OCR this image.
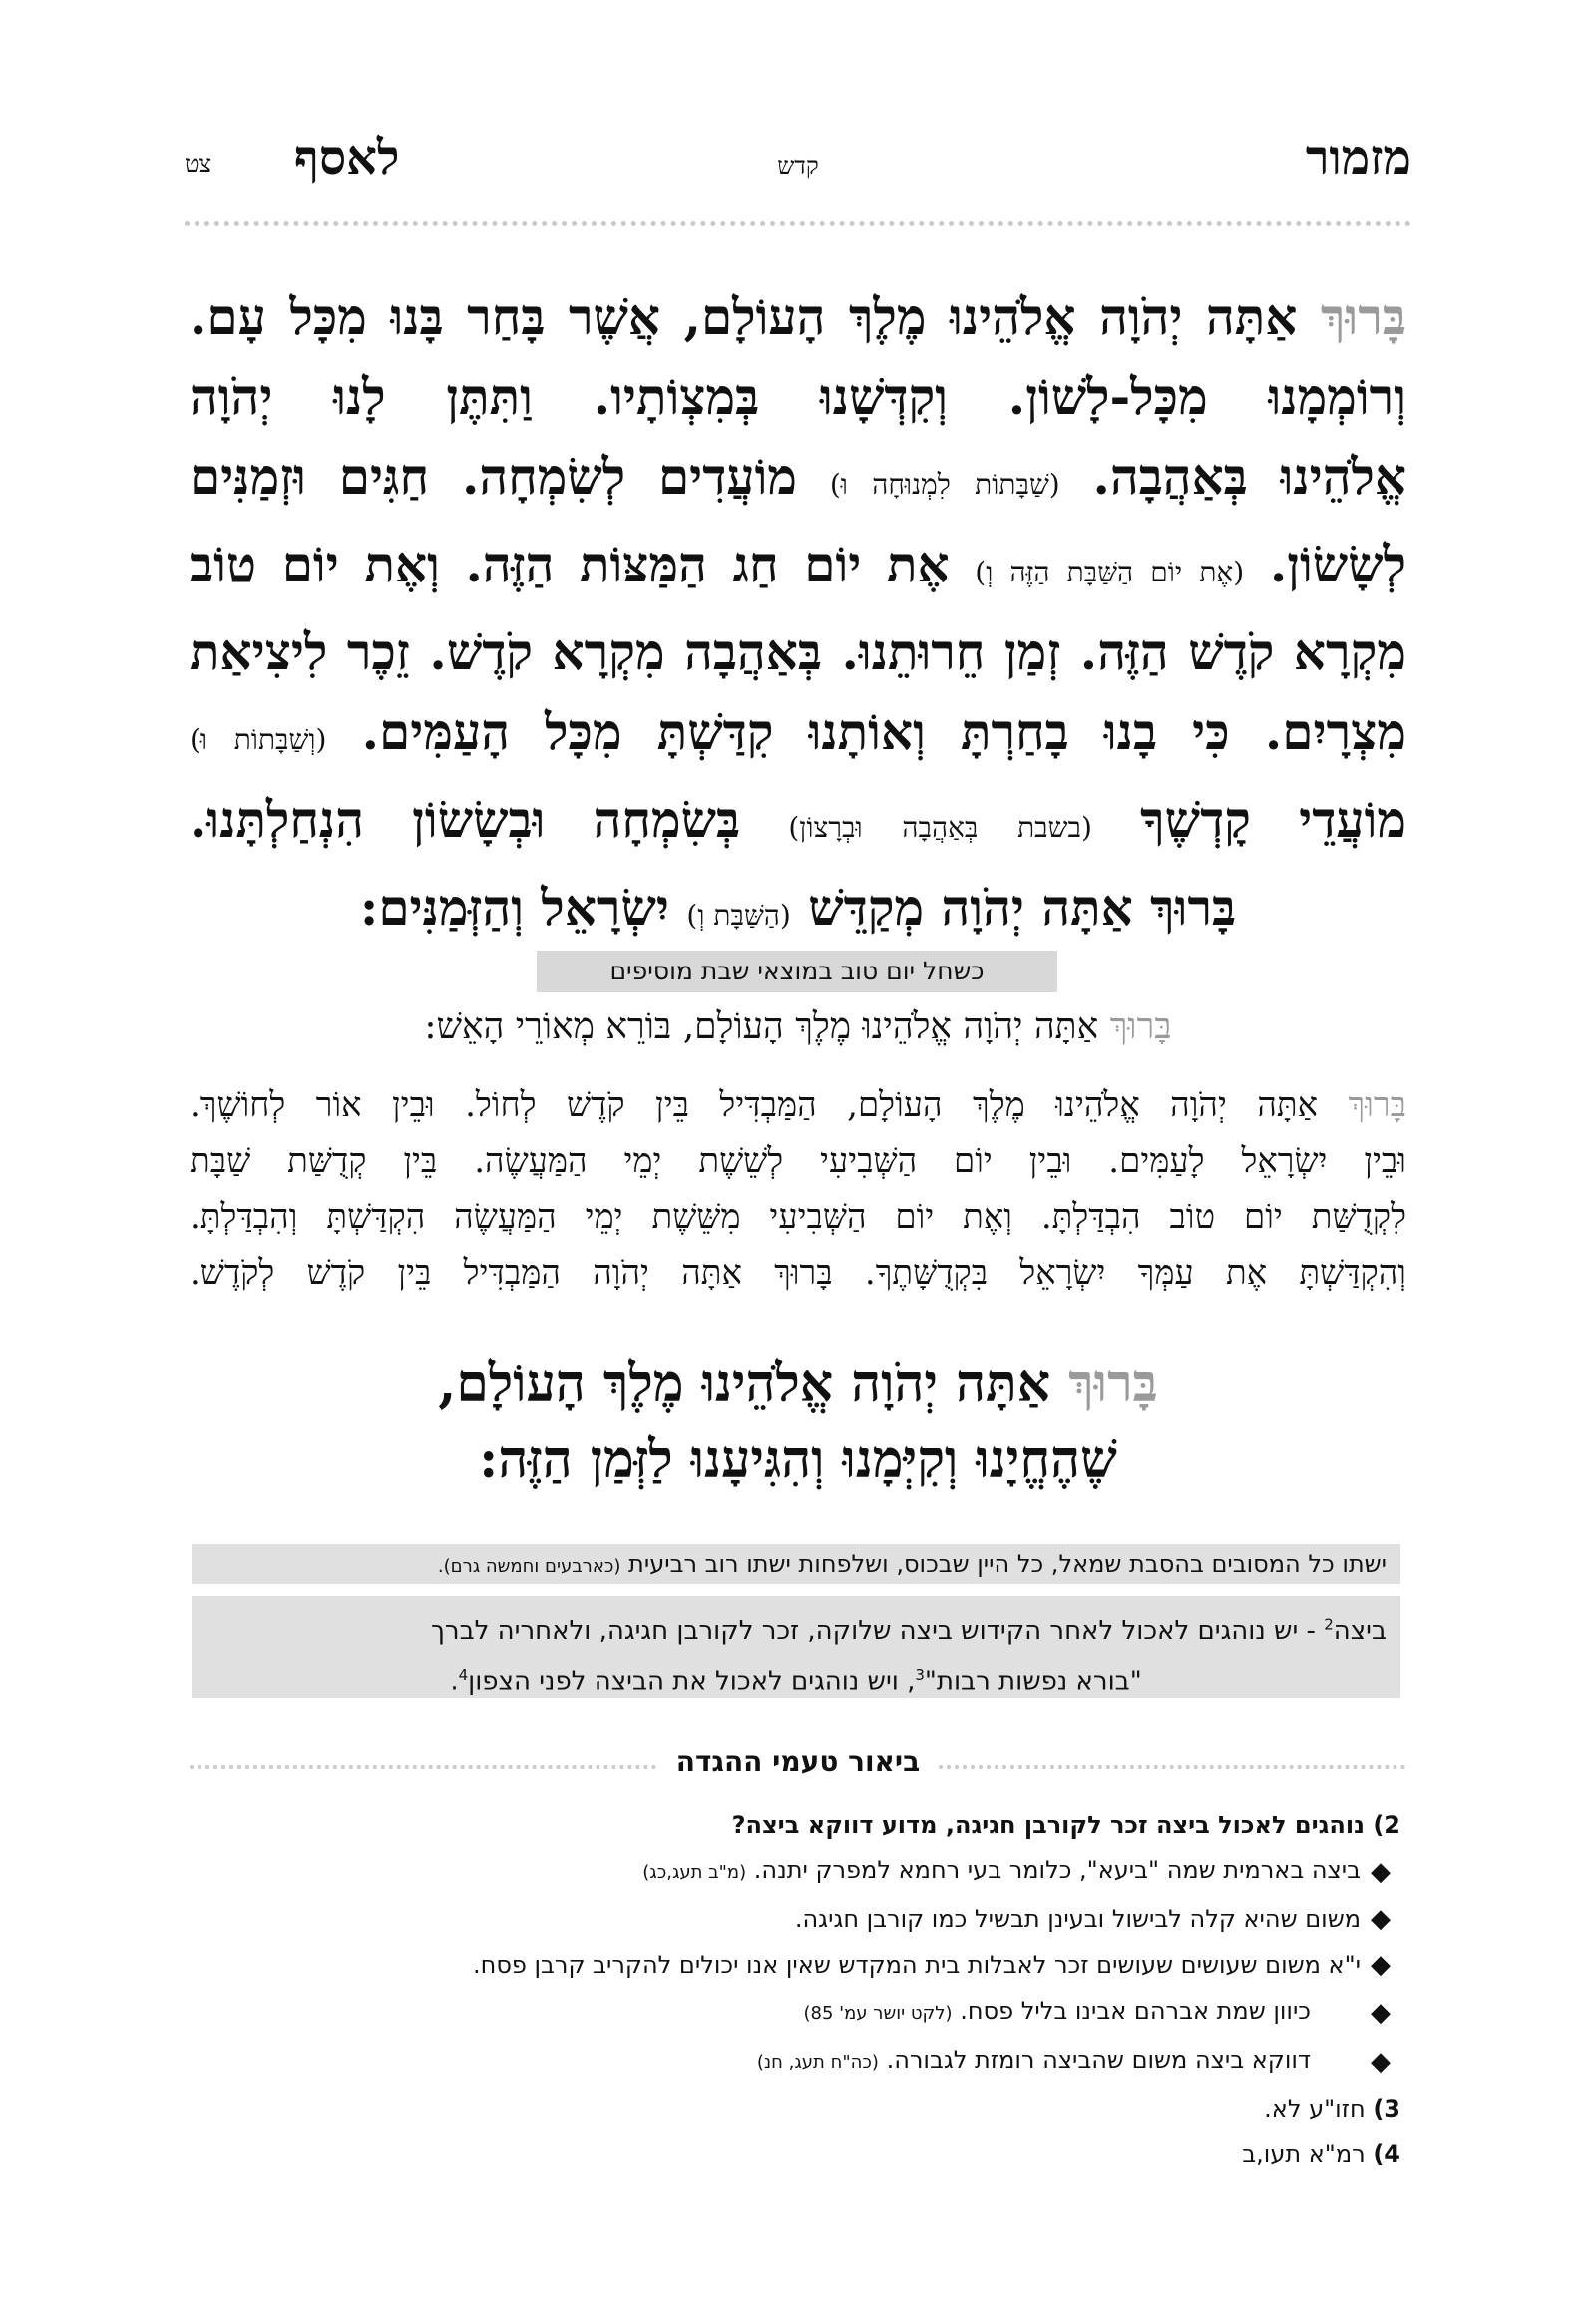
מזמור
קדש
לאסף
צט
בָּרוּךְ אַתָּה יְהֹוָה אֱלֹהֵינוּ מֶלֶךְ הָעוֹלָם, אֲשֶׁר בָּחַר בָּנוּ מִכָּל עָם.
וְרוֹמְמָנוּ מִכָּל-לָשׁוֹן. וְקִדְּשָׁנוּ בְּמִצְוֹתָיו. וַתִּתֶּן לָנוּ יְהֹוָה
אֱלֹהֵינוּ בְּאַהֲבָה. (שַׁבָּתוֹת לִמְנוּחָה וּ) מוֹעֲדִים לְשִׂמְחָה. חַגִּים וּזְמַנִּים
לְשָׂשׂוֹן. (אֶת יוֹם הַשַּׁבָּת הַזֶּה וְ) אֶת יוֹם חַג הַמַּצּוֹת הַזֶּה. וְאֶת יוֹם טוֹב
מִקְרָא קֹדֶשׁ הַזֶּה. זְמַן חֵרוּתֵנוּ. בְּאַהֲבָה מִקְרָא קֹדֶשׁ. זֵכֶר לִיצִיאַת
מִצְרָיִם. כִּי בָנוּ בָחַרְתָּ וְאוֹתָנוּ קִדַּשְׁתָּ מִכָּל הָעַמִּים. (וְשַׁבָּתוֹת וּ)
מוֹעֲדֵי קָדְשֶׁךָ (בשבת בְּאַהֲבָה וּבְרָצוֹן) בְּשִׂמְחָה וּבְשָׂשׂוֹן הִנְחַלְתָּנוּ.
בָּרוּךְ אַתָּה יְהֹוָה מְקַדֵּשׁ (הַשַּׁבָּת וְ) יִשְׂרָאֵל וְהַזְּמַנִּים:
כשחל יום טוב במוצאי שבת מוסיפים
בָּרוּךְ אַתָּה יְהֹוָה אֱלֹהֵינוּ מֶלֶךְ הָעוֹלָם, בּוֹרֵא מְאוֹרֵי הָאֵשׁ:
בָּרוּךְ אַתָּה יְהֹוָה אֱלֹהֵינוּ מֶלֶךְ הָעוֹלָם, הַמַּבְדִּיל בֵּין קֹדֶשׁ לְחוֹל. וּבֵין אוֹר לְחוֹשֶׁךְ.
וּבֵין יִשְׂרָאֵל לָעַמִּים. וּבֵין יוֹם הַשְּׁבִיעִי לְשֵׁשֶׁת יְמֵי הַמַּעֲשֶׂה. בֵּין קְדֻשַּׁת שַׁבָּת
לִקְדֻשַּׁת יוֹם טוֹב הִבְדַּלְתָּ. וְאֶת יוֹם הַשְּׁבִיעִי מִשֵּׁשֶׁת יְמֵי הַמַּעֲשֶׂה הִקְדַּשְׁתָּ וְהִבְדַּלְתָּ.
וְהִקְדַּשְׁתָּ אֶת עַמְּךָ יִשְׂרָאֵל בִּקְדֻשָּׁתֶךָ. בָּרוּךְ אַתָּה יְהֹוָה הַמַּבְדִּיל בֵּין קֹדֶשׁ לְקֹדֶשׁ.
בָּרוּךְ אַתָּה יְהֹוָה אֱלֹהֵינוּ מֶלֶךְ הָעוֹלָם,
שֶׁהֶחֱיָנוּ וְקִיְּמָנוּ וְהִגִּיעָנוּ לַזְּמַן הַזֶּה:
ישתו כל המסובים בהסבת שמאל, כל היין שבכוס, ושלפחות ישתו רוב רביעית (כארבעים וחמשה גרם).
ביצה$^2$ - יש נוהגים לאכול לאחר הקידוש ביצה שלוקה, זכר לקורבן חגיגה, ולאחריה לברך
"בורא נפשות רבות"$^3$, ויש נוהגים לאכול את הביצה לפני הצפון$^4$.
ביאור טעמי ההגדה
2) נוהגים לאכול ביצה זכר לקורבן חגיגה, מדוע דווקא ביצה?
◆
ביצה בארמית שמה "ביעא", כלומר בעי רחמא למפרק יתנה. (מ"ב תעג,כג)
◆
משום שהיא קלה לבישול ובעינן תבשיל כמו קורבן חגיגה.
◆
י"א משום שעושים שעושים זכר לאבלות בית המקדש שאין אנו יכולים להקריב קרבן פסח.
◆
כיוון שמת אברהם אבינו בליל פסח. (לקט יושר עמ' 85)
◆
דווקא ביצה משום שהביצה רומזת לגבורה. (כה"ח תעג, חנ)
3) חזו"ע לא.
4) רמ"א תעו,ב
